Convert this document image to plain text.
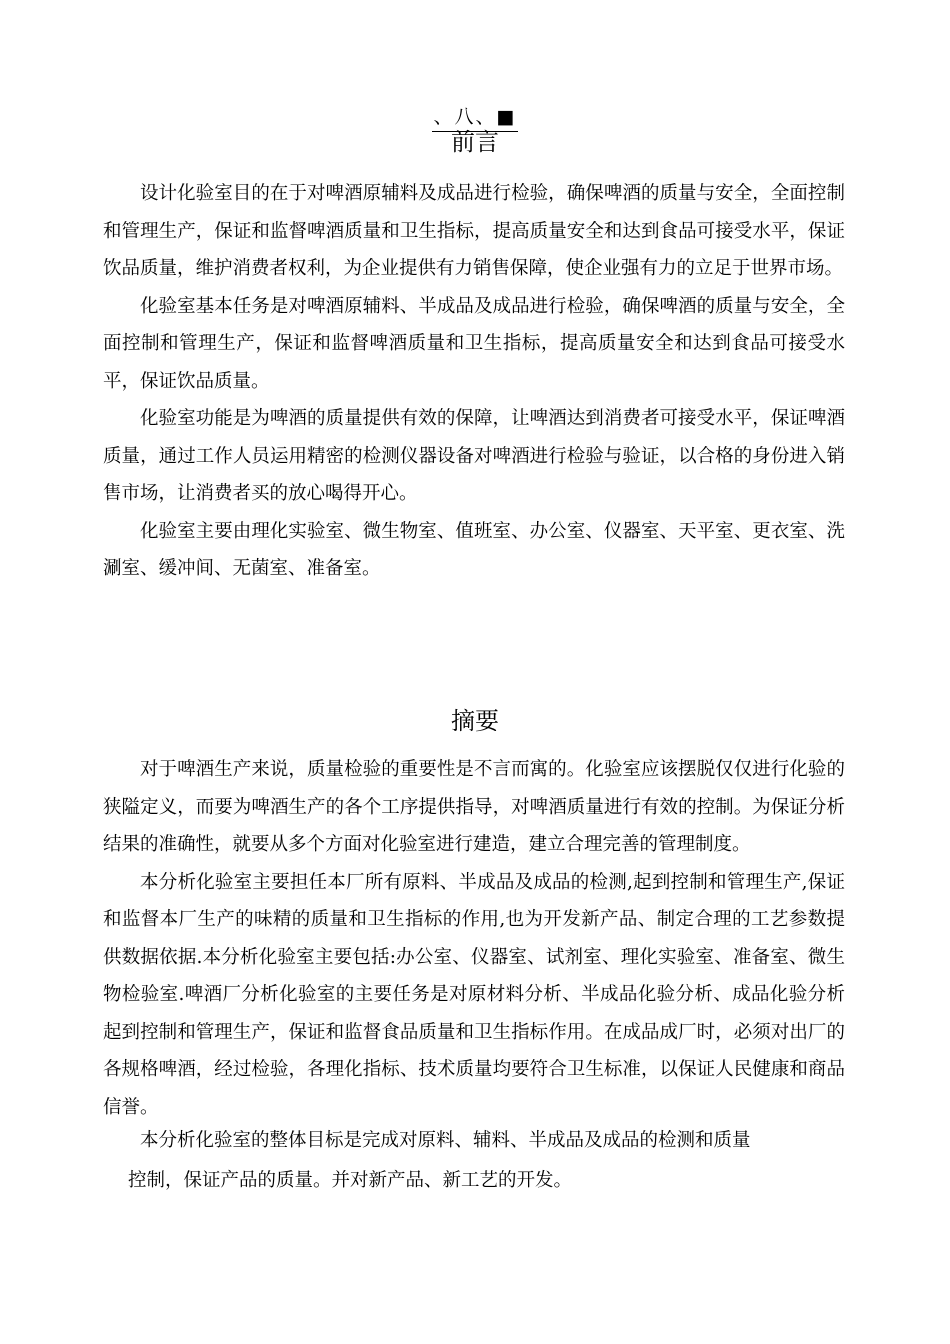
、八、■
前言

设计化验室目的在于对啤酒原辅料及成品进行检验，确保啤酒的质量与安全，全面控制和管理生产，保证和监督啤酒质量和卫生指标，提高质量安全和达到食品可接受水平，保证饮品质量，维护消费者权利，为企业提供有力销售保障，使企业强有力的立足于世界市场。

化验室基本任务是对啤酒原辅料、半成品及成品进行检验，确保啤酒的质量与安全，全面控制和管理生产，保证和监督啤酒质量和卫生指标，提高质量安全和达到食品可接受水平，保证饮品质量。

化验室功能是为啤酒的质量提供有效的保障，让啤酒达到消费者可接受水平，保证啤酒质量，通过工作人员运用精密的检测仪器设备对啤酒进行检验与验证，以合格的身份进入销售市场，让消费者买的放心喝得开心。

化验室主要由理化实验室、微生物室、值班室、办公室、仪器室、天平室、更衣室、洗涮室、缓冲间、无菌室、准备室。

摘要

对于啤酒生产来说，质量检验的重要性是不言而寓的。化验室应该摆脱仅仅进行化验的狭隘定义，而要为啤酒生产的各个工序提供指导，对啤酒质量进行有效的控制。为保证分析结果的准确性，就要从多个方面对化验室进行建造，建立合理完善的管理制度。

本分析化验室主要担任本厂所有原料、半成品及成品的检测,起到控制和管理生产,保证和监督本厂生产的味精的质量和卫生指标的作用,也为开发新产品、制定合理的工艺参数提供数据依据.本分析化验室主要包括:办公室、仪器室、试剂室、理化实验室、准备室、微生物检验室.啤酒厂分析化验室的主要任务是对原材料分析、半成品化验分析、成品化验分析起到控制和管理生产，保证和监督食品质量和卫生指标作用。在成品成厂时，必须对出厂的各规格啤酒，经过检验，各理化指标、技术质量均要符合卫生标准，以保证人民健康和商品信誉。

本分析化验室的整体目标是完成对原料、辅料、半成品及成品的检测和质量

控制，保证产品的质量。并对新产品、新工艺的开发。
